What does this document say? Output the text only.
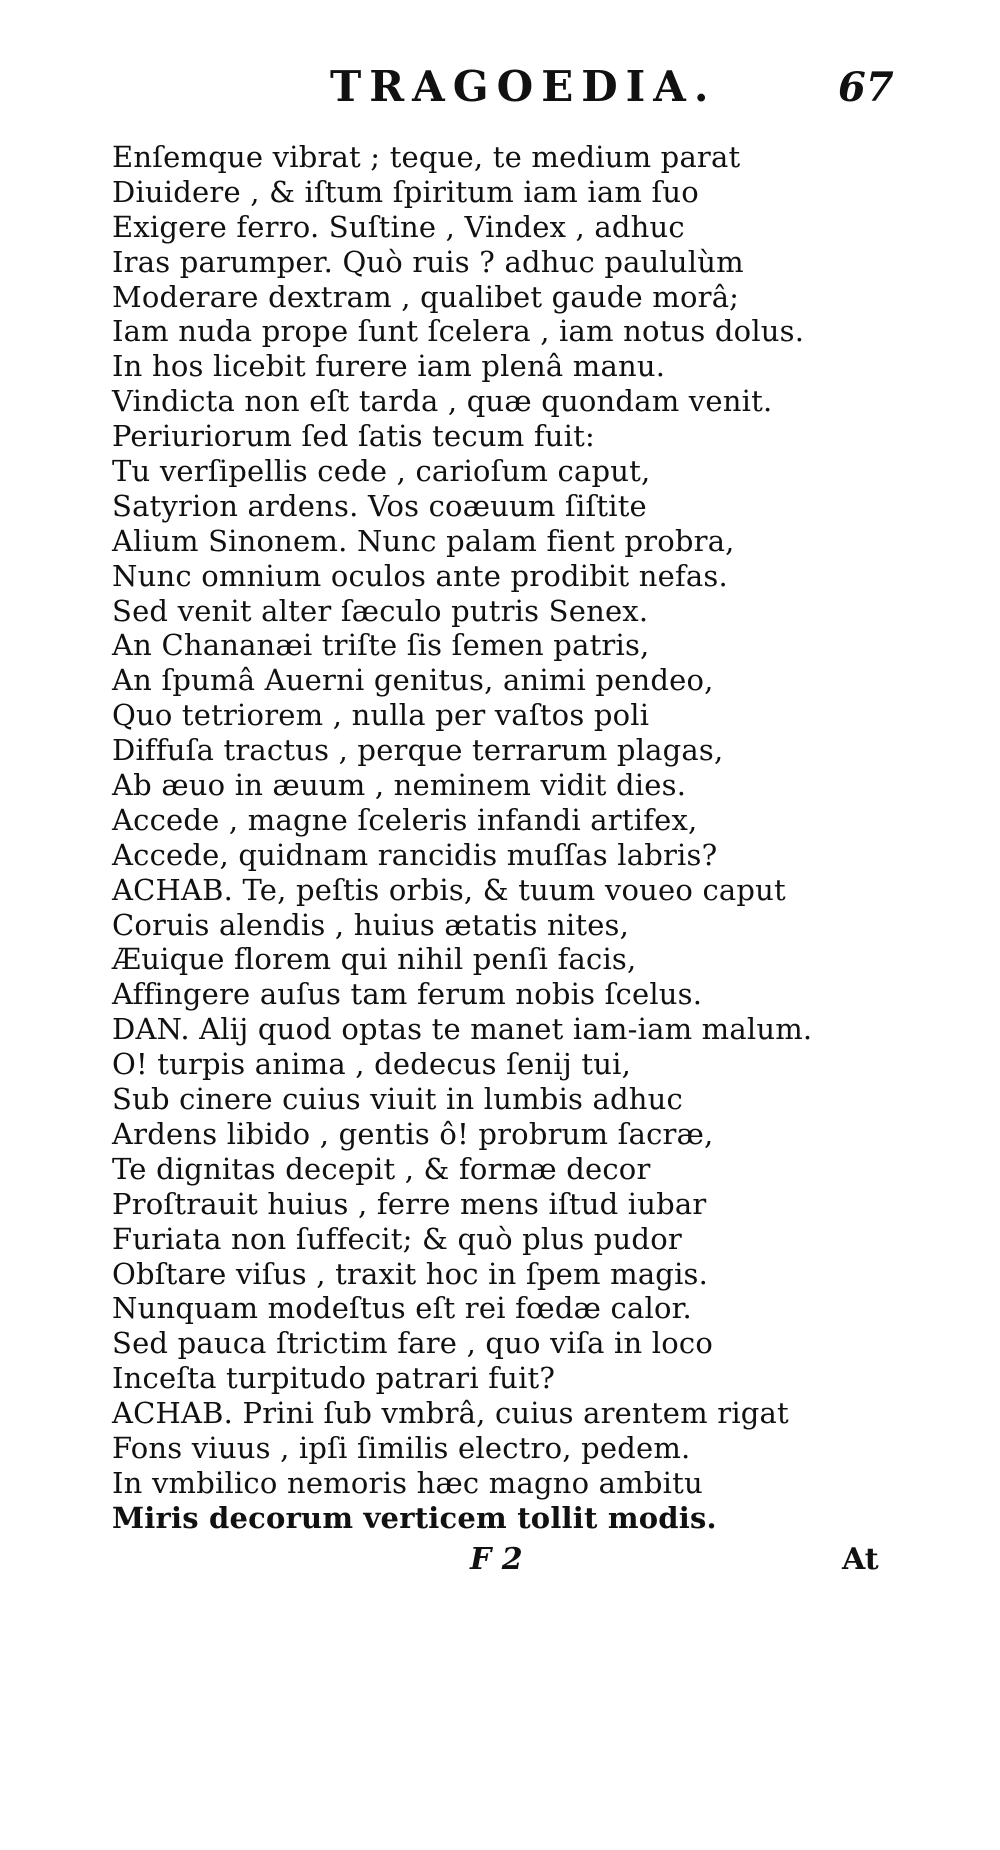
TRAGOEDIA.	67
Enſemque vibrat ; teque, te medium parat
Diuidere , & iſtum ſpiritum iam iam ſuo
Exigere ferro. Suſtine , Vindex , adhuc
Iras parumper. Quò ruis ? adhuc paululùm
Moderare dextram , qualibet gaude morâ;
Iam nuda prope ſunt ſcelera , iam notus dolus.
In hos licebit furere iam plenâ manu.
Vindicta non eſt tarda , quæ quondam venit.
Periuriorum ſed ſatis tecum fuit:
Tu verſipellis cede , carioſum caput,
Satyrion ardens. Vos coæuum ſiſtite
Alium Sinonem. Nunc palam fient probra,
Nunc omnium oculos ante prodibit nefas.
Sed venit alter ſæculo putris Senex.
An Chananæi triſte ſis ſemen patris,
An ſpumâ Auerni genitus, animi pendeo,
Quo tetriorem , nulla per vaſtos poli
Diffuſa tractus , perque terrarum plagas,
Ab æuo in æuum , neminem vidit dies.
Accede , magne ſceleris infandi artifex,
Accede, quidnam rancidis muſſas labris?
ACHAB. Te, peſtis orbis, & tuum voueo caput
Coruis alendis , huius ætatis nites,
Æuique florem qui nihil penſi facis,
Affingere auſus tam ferum nobis ſcelus.
DAN. Alij quod optas te manet iam-iam malum.
O! turpis anima , dedecus ſenij tui,
Sub cinere cuius viuit in lumbis adhuc
Ardens libido , gentis ô! probrum ſacræ,
Te dignitas decepit , & formæ decor
Proſtrauit huius , ferre mens iſtud iubar
Furiata non ſuffecit; & quò plus pudor
Obſtare viſus , traxit hoc in ſpem magis.
Nunquam modeſtus eſt rei fœdæ calor.
Sed pauca ſtrictim fare , quo viſa in loco
Inceſta turpitudo patrari fuit?
ACHAB. Prini ſub vmbrâ, cuius arentem rigat
Fons viuus , ipſi ſimilis electro, pedem.
In vmbilico nemoris hæc magno ambitu
Miris decorum verticem tollit modis.
F 2	At
